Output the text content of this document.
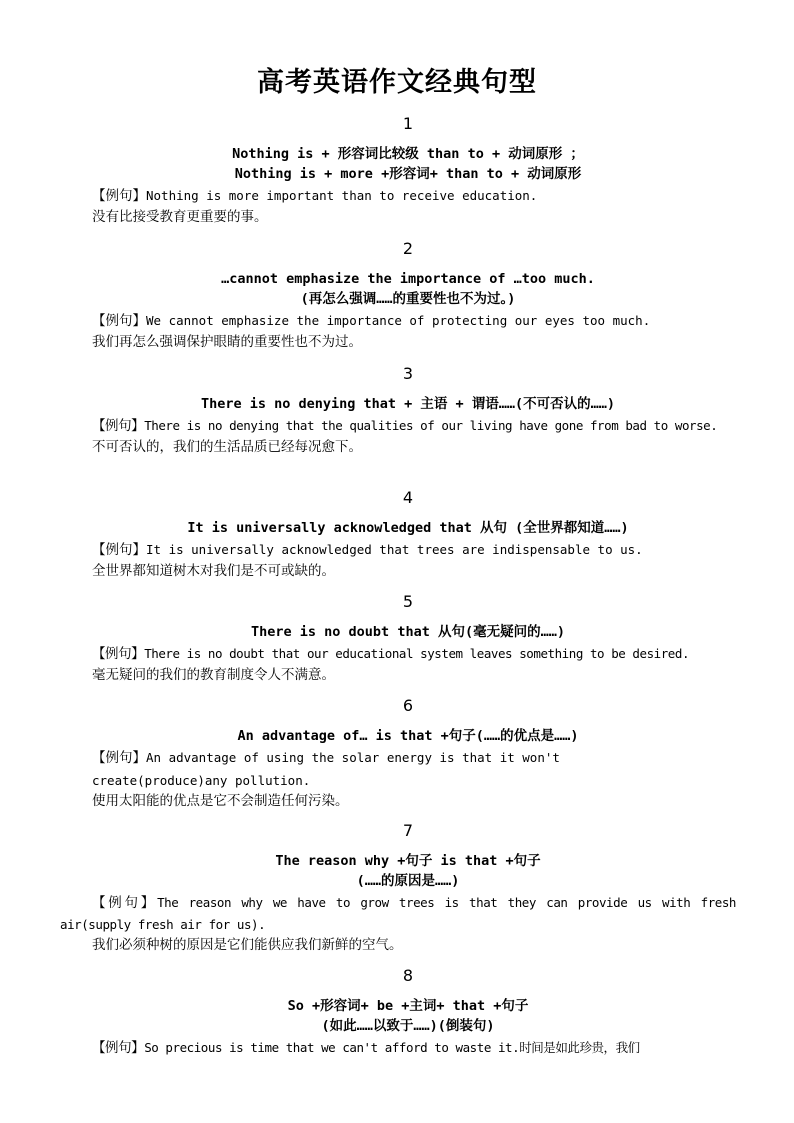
高考英语作文经典句型
1
Nothing is + 形容词比较级 than to + 动词原形 ；
Nothing is + more +形容词+ than to + 动词原形
【例句】Nothing is more important than to receive education.
没有比接受教育更重要的事。
2
…cannot emphasize the importance of …too much.
(再怎么强调……的重要性也不为过。)
【例句】We cannot emphasize the importance of protecting our eyes too much.
我们再怎么强调保护眼睛的重要性也不为过。
3
There is no denying that + 主语 + 谓语……(不可否认的……)
【例句】There is no denying that the qualities of our living have gone from bad to worse.
不可否认的，我们的生活品质已经每况愈下。
4
It is universally acknowledged that 从句 (全世界都知道……)
【例句】It is universally acknowledged that trees are indispensable to us.
全世界都知道树木对我们是不可或缺的。
5
There is no doubt that 从句(毫无疑问的……)
【例句】There is no doubt that our educational system leaves something to be desired.
毫无疑问的我们的教育制度令人不满意。
6
An advantage of… is that +句子(……的优点是……)
【例句】An advantage of using the solar energy is that it won't
create(produce)any pollution.
使用太阳能的优点是它不会制造任何污染。
7
The reason why +句子 is that +句子
(……的原因是……)
【例句】The reason why we have to grow trees is that they can provide us with fresh air(supply fresh air for us).
我们必须种树的原因是它们能供应我们新鲜的空气。
8
So +形容词+ be +主词+ that +句子
(如此……以致于……)(倒装句)
【例句】So precious is time that we can't afford to waste it.时间是如此珍贵，我们
